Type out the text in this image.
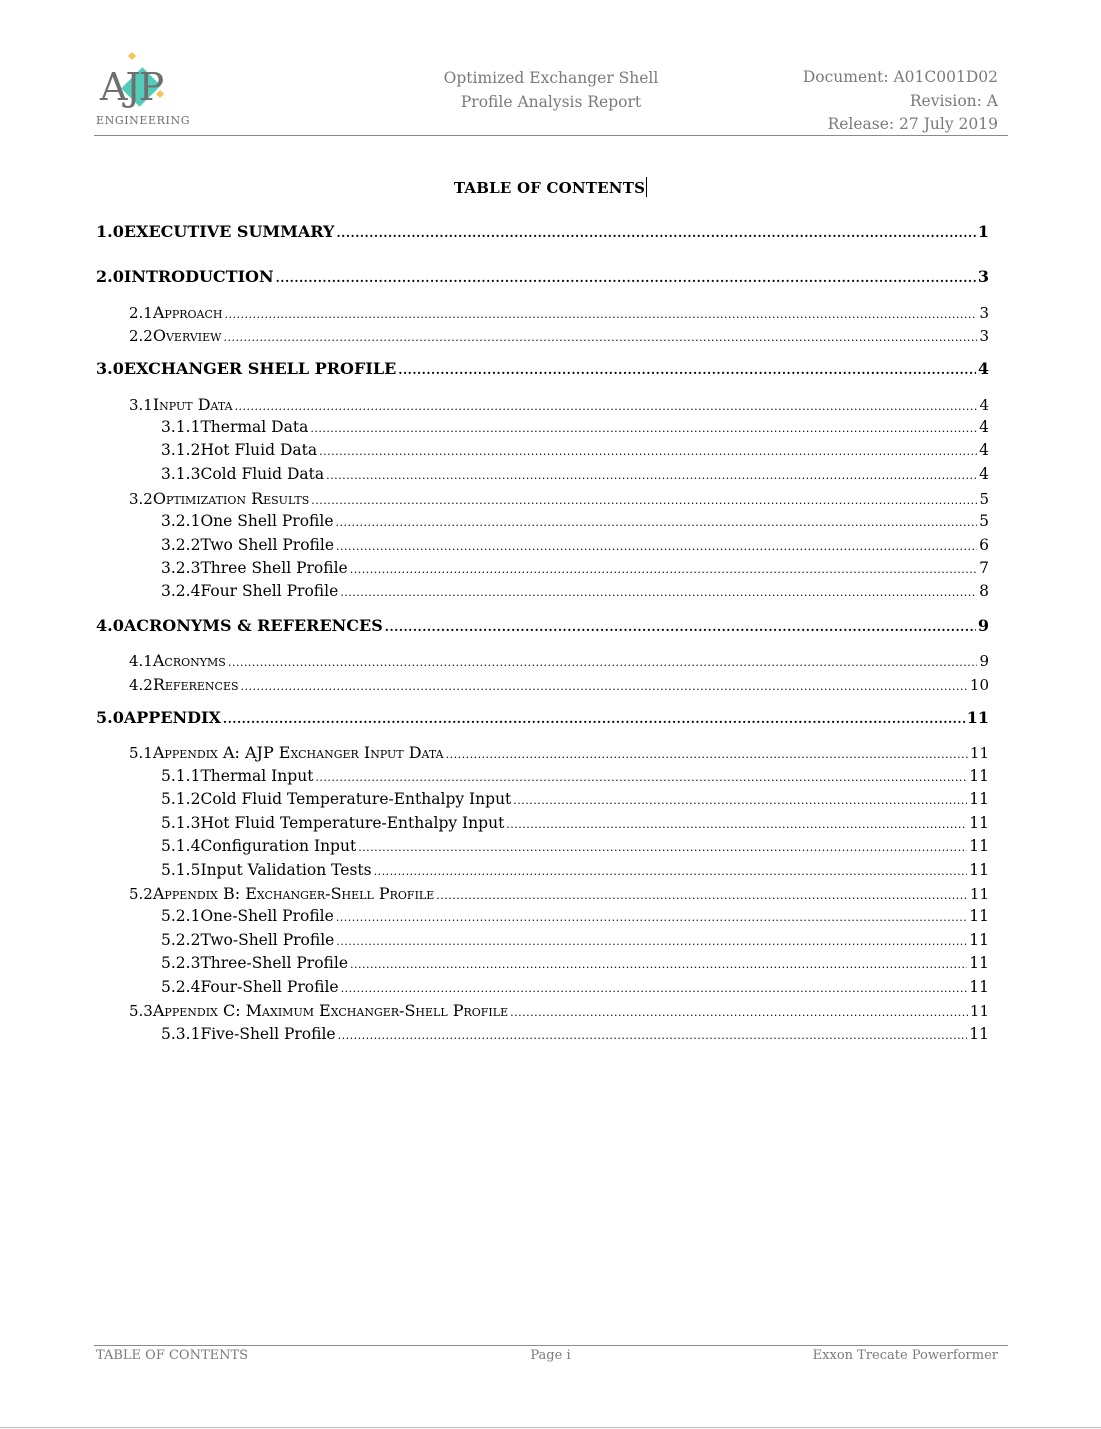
AJP
ENGINEERING
Optimized Exchanger Shell
Profile Analysis Report
Document: A01C001D02
Revision: A
Release: 27 July 2019
TABLE OF CONTENTS
1.0 EXECUTIVE SUMMARY .....	1
2.0 INTRODUCTION .....	3
2.1 Approach .....	3
2.2 Overview .....	3
3.0 EXCHANGER SHELL PROFILE .....	4
3.1 Input Data .....	4
3.1.1 Thermal Data .....	4
3.1.2 Hot Fluid Data .....	4
3.1.3 Cold Fluid Data .....	4
3.2 Optimization Results .....	5
3.2.1 One Shell Profile .....	5
3.2.2 Two Shell Profile .....	6
3.2.3 Three Shell Profile .....	7
3.2.4 Four Shell Profile .....	8
4.0 ACRONYMS & REFERENCES .....	9
4.1 Acronyms .....	9
4.2 References .....	10
5.0 APPENDIX .....	11
5.1 Appendix A: AJP Exchanger Input Data .....	11
5.1.1 Thermal Input .....	11
5.1.2 Cold Fluid Temperature-Enthalpy Input .....	11
5.1.3 Hot Fluid Temperature-Enthalpy Input .....	11
5.1.4 Configuration Input .....	11
5.1.5 Input Validation Tests .....	11
5.2 Appendix B: Exchanger-Shell Profile .....	11
5.2.1 One-Shell Profile .....	11
5.2.2 Two-Shell Profile .....	11
5.2.3 Three-Shell Profile .....	11
5.2.4 Four-Shell Profile .....	11
5.3 Appendix C: Maximum Exchanger-Shell Profile .....	11
5.3.1 Five-Shell Profile .....	11
TABLE OF CONTENTS	Page i	Exxon Trecate Powerformer
